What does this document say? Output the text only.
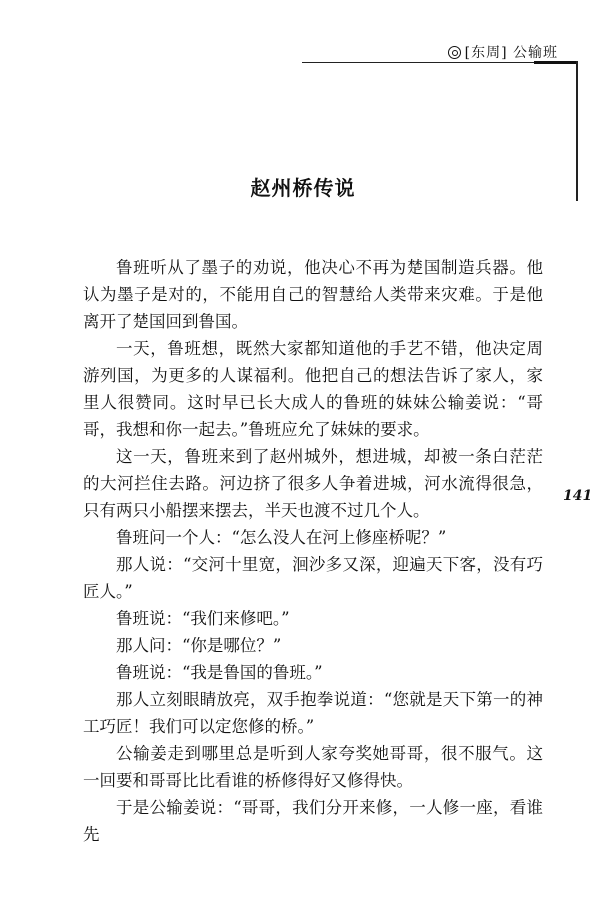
[东周] 公输班
赵州桥传说

鲁班听从了墨子的劝说，他决心不再为楚国制造兵器。他认为墨子是对的，不能用自己的智慧给人类带来灾难。于是他离开了楚国回到鲁国。

一天，鲁班想，既然大家都知道他的手艺不错，他决定周游列国，为更多的人谋福利。他把自己的想法告诉了家人，家里人很赞同。这时早已长大成人的鲁班的妹妹公输姜说：“哥哥，我想和你一起去。”鲁班应允了妹妹的要求。

这一天，鲁班来到了赵州城外，想进城，却被一条白茫茫的大河拦住去路。河边挤了很多人争着进城，河水流得很急，只有两只小船摆来摆去，半天也渡不过几个人。

鲁班问一个人：“怎么没人在河上修座桥呢？”

那人说：“交河十里宽，洄沙多又深，迎遍天下客，没有巧匠人。”

鲁班说：“我们来修吧。”

那人问：“你是哪位？”

鲁班说：“我是鲁国的鲁班。”

那人立刻眼睛放亮，双手抱拳说道：“您就是天下第一的神工巧匠！我们可以定您修的桥。”

公输姜走到哪里总是听到人家夸奖她哥哥，很不服气。这一回要和哥哥比比看谁的桥修得好又修得快。

于是公输姜说：“哥哥，我们分开来修，一人修一座，看谁先

141
